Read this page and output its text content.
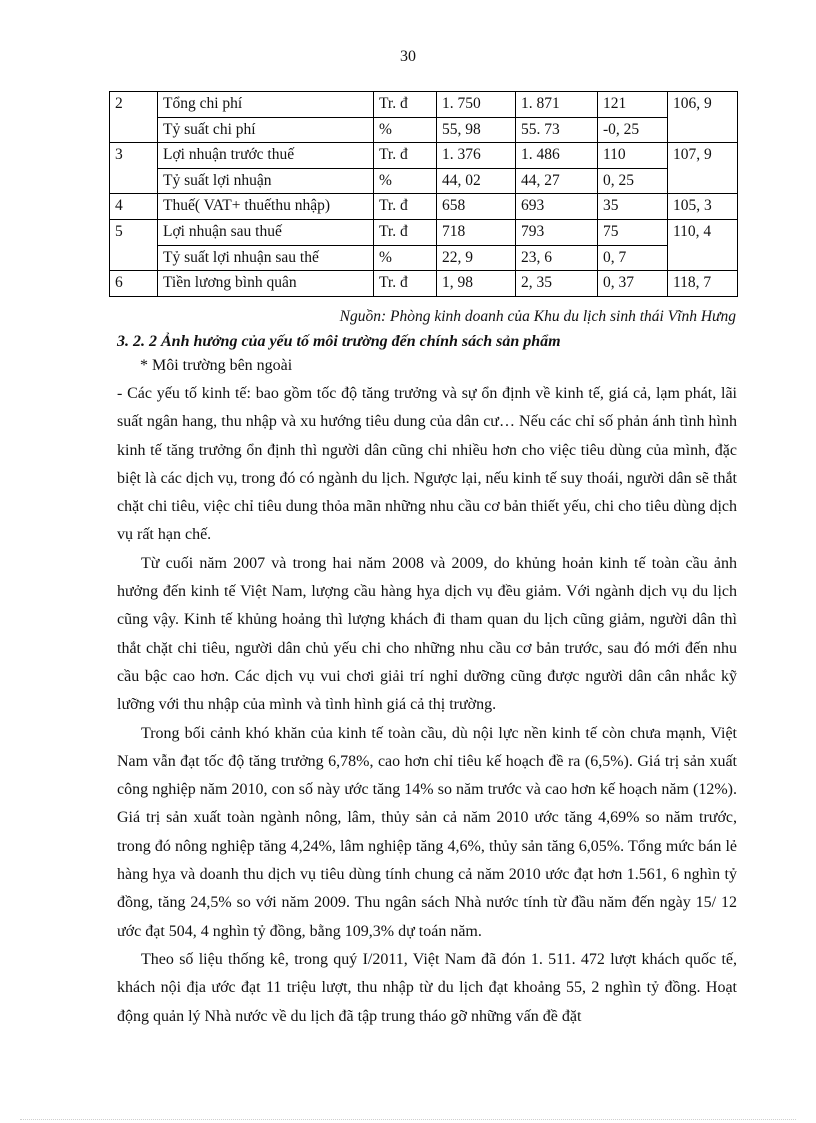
30
2	Tổng chi phí	Tr. đ	1. 750	1. 871	121	106, 9
	Tỷ suất chi phí	%	55, 98	55. 73	-0, 25	
3	Lợi nhuận trước thuế	Tr. đ	1. 376	1. 486	110	107, 9
	Tỷ suất lợi nhuận	%	44, 02	44, 27	0, 25	
4	Thuế( VAT+ thuếthu nhập)	Tr. đ	658	693	35	105, 3
5	Lợi nhuận sau thuế	Tr. đ	718	793	75	110, 4
	Tỷ suất lợi nhuận sau thế	%	22, 9	23, 6	0, 7	
6	Tiền lương bình quân	Tr. đ	1, 98	2, 35	0, 37	118, 7
Nguồn: Phòng kinh doanh của Khu du lịch sinh thái Vĩnh Hưng
3. 2. 2 Ảnh hưởng của yếu tố môi trường đến chính sách sản phẩm
* Môi trường bên ngoài

- Các yếu tố kinh tế: bao gồm tốc độ tăng trưởng và sự ổn định về kinh tế, giá cả, lạm phát, lãi suất ngân hang, thu nhập và xu hướng tiêu dung của dân cư… Nếu các chỉ số phản ánh tình hình kinh tế tăng trưởng ổn định thì người dân cũng chi nhiều hơn cho việc tiêu dùng của mình, đặc biệt là các dịch vụ, trong đó có ngành du lịch. Ngược lại, nếu kinh tế suy thoái, người dân sẽ thắt chặt chi tiêu, việc chỉ tiêu dung thỏa mãn những nhu cầu cơ bản thiết yếu, chi cho tiêu dùng dịch vụ rất hạn chế.

Từ cuối năm 2007 và trong hai năm 2008 và 2009, do khủng hoản kinh tế toàn cầu ảnh hưởng đến kinh tế Việt Nam, lượng cầu hàng hỵa dịch vụ đều giảm. Với ngành dịch vụ du lịch cũng vậy. Kinh tế khủng hoảng thì lượng khách đi tham quan du lịch cũng giảm, người dân thì thắt chặt chi tiêu, người dân chủ yếu chi cho những nhu cầu cơ bản trước, sau đó mới đến nhu cầu bậc cao hơn. Các dịch vụ vui chơi giải trí nghỉ dưỡng cũng được người dân cân nhắc kỹ lưỡng với thu nhập của mình và tình hình giá cả thị trường.

Trong bối cảnh khó khăn của kinh tế toàn cầu, dù nội lực nền kinh tế còn chưa mạnh, Việt Nam vẫn đạt tốc độ tăng trưởng 6,78%, cao hơn chỉ tiêu kế hoạch đề ra (6,5%). Giá trị sản xuất công nghiệp năm 2010, con số này ước tăng 14% so năm trước và cao hơn kế hoạch năm (12%). Giá trị sản xuất toàn ngành nông, lâm, thủy sản cả năm 2010 ước tăng 4,69% so năm trước, trong đó nông nghiệp tăng 4,24%, lâm nghiệp tăng 4,6%, thủy sản tăng 6,05%. Tổng mức bán lẻ hàng hỵa và doanh thu dịch vụ tiêu dùng tính chung cả năm 2010 ước đạt hơn 1.561, 6 nghìn tỷ đồng, tăng 24,5% so với năm 2009. Thu ngân sách Nhà nước tính từ đầu năm đến ngày 15/ 12 ước đạt 504, 4 nghìn tỷ đồng, bằng 109,3% dự toán năm.

Theo số liệu thống kê, trong quý I/2011, Việt Nam đã đón 1. 511. 472 lượt khách quốc tế, khách nội địa ước đạt 11 triệu lượt, thu nhập từ du lịch đạt khoảng 55, 2 nghìn tỷ đồng. Hoạt động quản lý Nhà nước về du lịch đã tập trung tháo gỡ những vấn đề đặt
